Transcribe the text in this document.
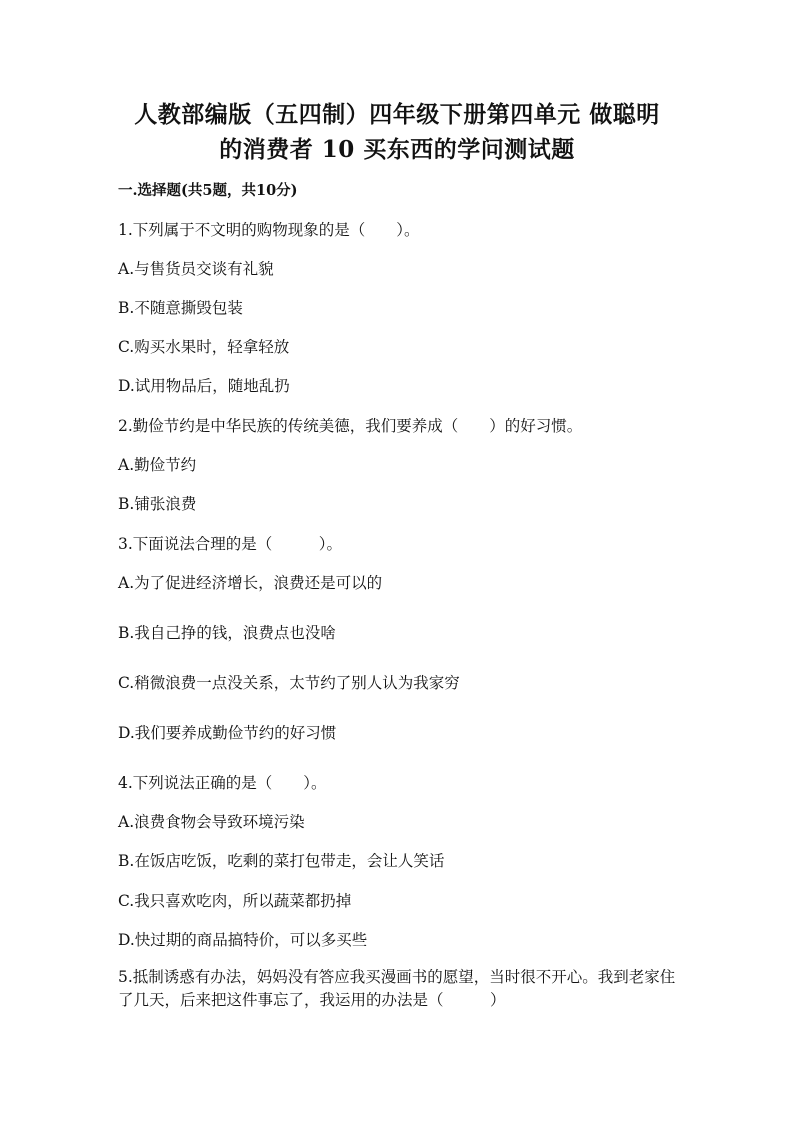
人教部编版（五四制）四年级下册第四单元 做聪明
的消费者 10 买东西的学问测试题
一.选择题(共5题，共10分)
1.下列属于不文明的购物现象的是（　　）。
A.与售货员交谈有礼貌
B.不随意撕毁包装
C.购买水果时，轻拿轻放
D.试用物品后，随地乱扔
2.勤俭节约是中华民族的传统美德，我们要养成（　　）的好习惯。
A.勤俭节约
B.铺张浪费
3.下面说法合理的是（　　　）。
A.为了促进经济增长，浪费还是可以的
B.我自己挣的钱，浪费点也没啥
C.稍微浪费一点没关系，太节约了别人认为我家穷
D.我们要养成勤俭节约的好习惯
4.下列说法正确的是（　　）。
A.浪费食物会导致环境污染
B.在饭店吃饭，吃剩的菜打包带走，会让人笑话
C.我只喜欢吃肉，所以蔬菜都扔掉
D.快过期的商品搞特价，可以多买些
5.抵制诱惑有办法，妈妈没有答应我买漫画书的愿望，当时很不开心。我到老家住了几天，后来把这件事忘了，我运用的办法是（　　　）
